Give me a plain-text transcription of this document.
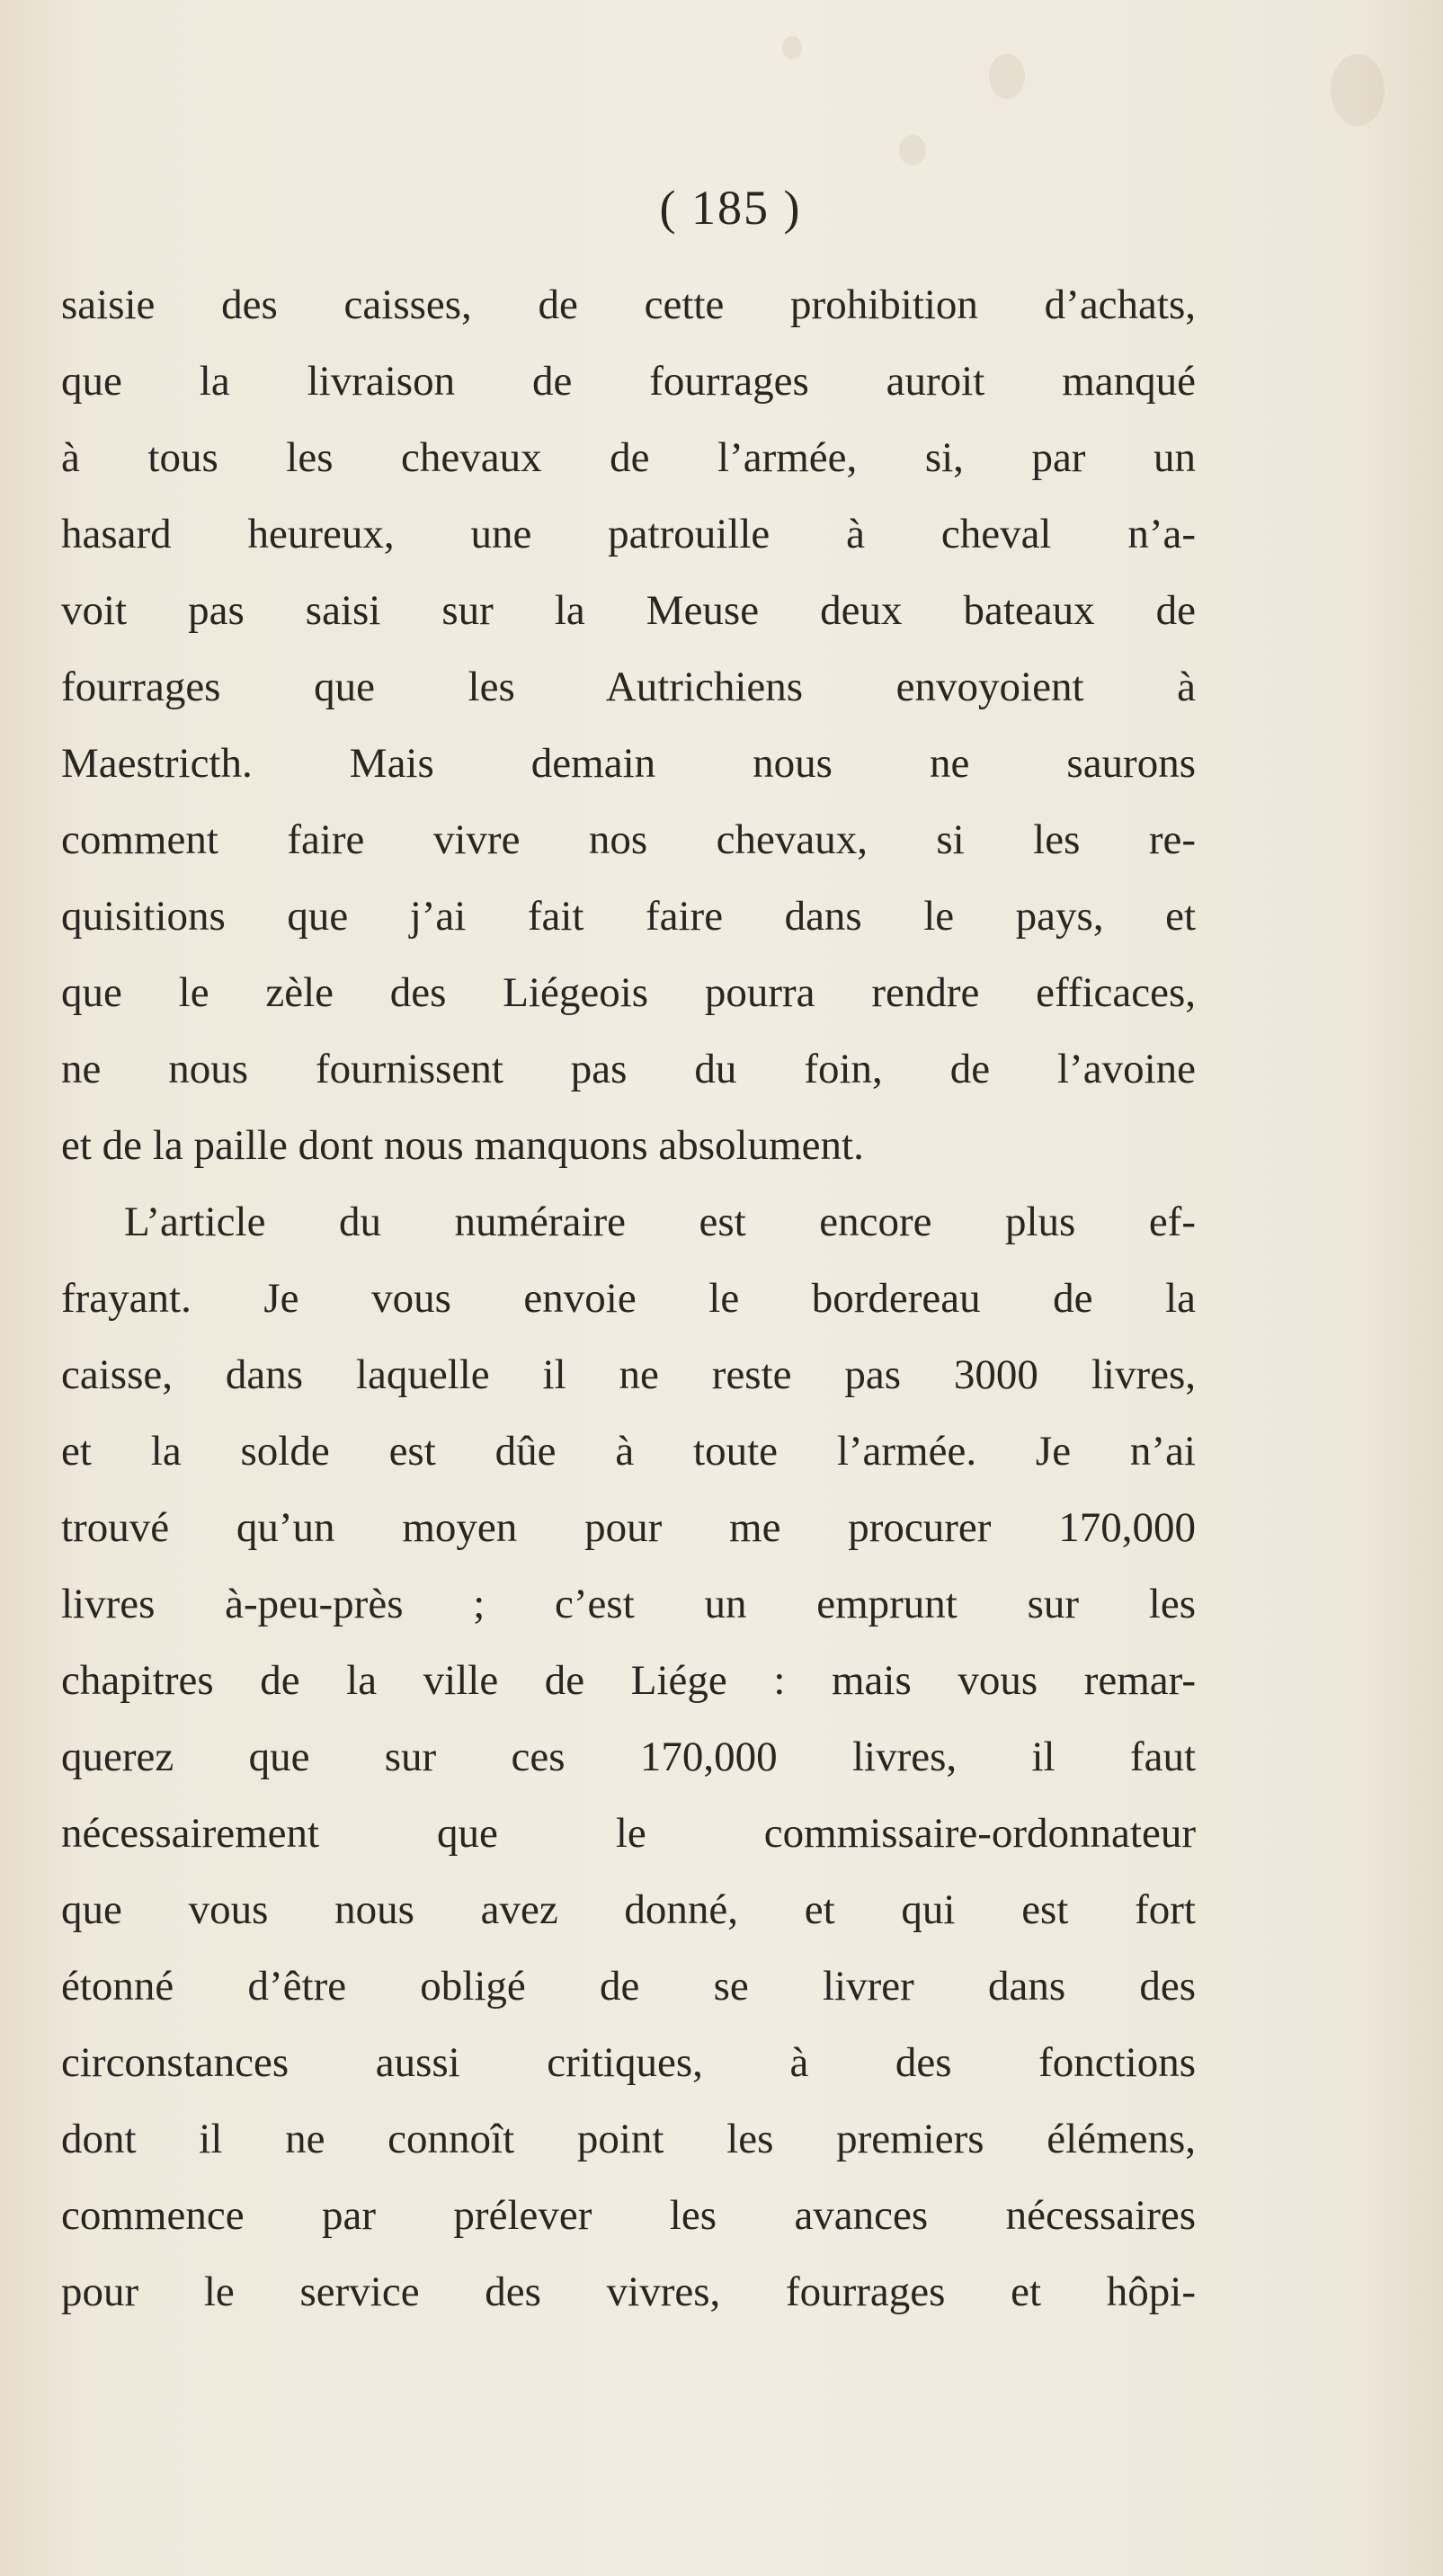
( 185 )

saisie des caisses, de cette prohibition d’achats,
que la livraison de fourrages auroit manqué
à tous les chevaux de l’armée, si, par un
hasard heureux, une patrouille à cheval n’a-
voit pas saisi sur la Meuse deux bateaux de
fourrages que les Autrichiens envoyoient à
Maestricth. Mais demain nous ne saurons
comment faire vivre nos chevaux, si les re-
quisitions que j’ai fait faire dans le pays, et
que le zèle des Liégeois pourra rendre efficaces,
ne nous fournissent pas du foin, de l’avoine
et de la paille dont nous manquons absolument.
L’article du numéraire est encore plus ef-
frayant. Je vous envoie le bordereau de la
caisse, dans laquelle il ne reste pas 3000 livres,
et la solde est dûe à toute l’armée. Je n’ai
trouvé qu’un moyen pour me procurer 170,000
livres à-peu-près ; c’est un emprunt sur les
chapitres de la ville de Liége : mais vous remar-
querez que sur ces 170,000 livres, il faut
nécessairement que le commissaire-ordonnateur
que vous nous avez donné, et qui est fort
étonné d’être obligé de se livrer dans des
circonstances aussi critiques, à des fonctions
dont il ne connoît point les premiers élémens,
commence par prélever les avances nécessaires
pour le service des vivres, fourrages et hôpi-
